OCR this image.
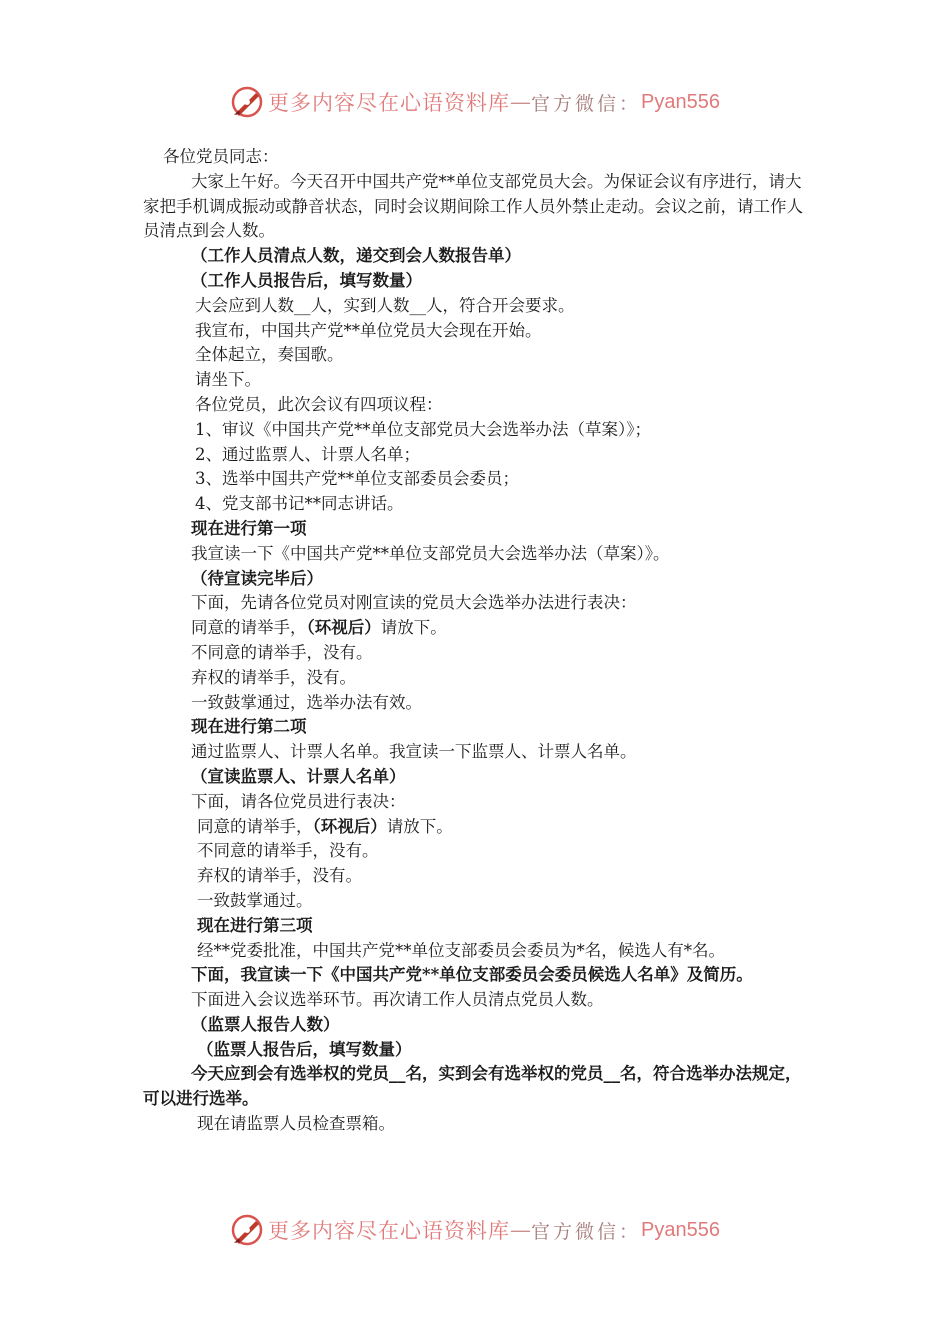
更多内容尽在心语资料库 — 官方微信： Pyan556
各位党员同志：
大家上午好。今天召开中国共产党**单位支部党员大会。为保证会议有序进行，请大家把手机调成振动或静音状态，同时会议期间除工作人员外禁止走动。会议之前，请工作人员清点到会人数。
（工作人员清点人数，递交到会人数报告单）
（工作人员报告后，填写数量）
大会应到人数__人，实到人数__人，符合开会要求。
我宣布，中国共产党**单位党员大会现在开始。
全体起立，奏国歌。
请坐下。
各位党员，此次会议有四项议程：
1、审议《中国共产党**单位支部党员大会选举办法（草案）》；
2、通过监票人、计票人名单；
3、选举中国共产党**单位支部委员会委员；
4、党支部书记**同志讲话。
现在进行第一项
我宣读一下《中国共产党**单位支部党员大会选举办法（草案）》。
（待宣读完毕后）
下面，先请各位党员对刚宣读的党员大会选举办法进行表决：
同意的请举手，（环视后）请放下。
不同意的请举手，没有。
弃权的请举手，没有。
一致鼓掌通过，选举办法有效。
现在进行第二项
通过监票人、计票人名单。我宣读一下监票人、计票人名单。
（宣读监票人、计票人名单）
下面，请各位党员进行表决：
同意的请举手，（环视后）请放下。
不同意的请举手，没有。
弃权的请举手，没有。
一致鼓掌通过。
现在进行第三项
经**党委批准，中国共产党**单位支部委员会委员为*名，候选人有*名。
下面，我宣读一下《中国共产党**单位支部委员会委员候选人名单》及简历。
下面进入会议选举环节。再次请工作人员清点党员人数。
（监票人报告人数）
（监票人报告后，填写数量）
今天应到会有选举权的党员__名，实到会有选举权的党员__名，符合选举办法规定，可以进行选举。
现在请监票人员检查票箱。
更多内容尽在心语资料库 — 官方微信： Pyan556
